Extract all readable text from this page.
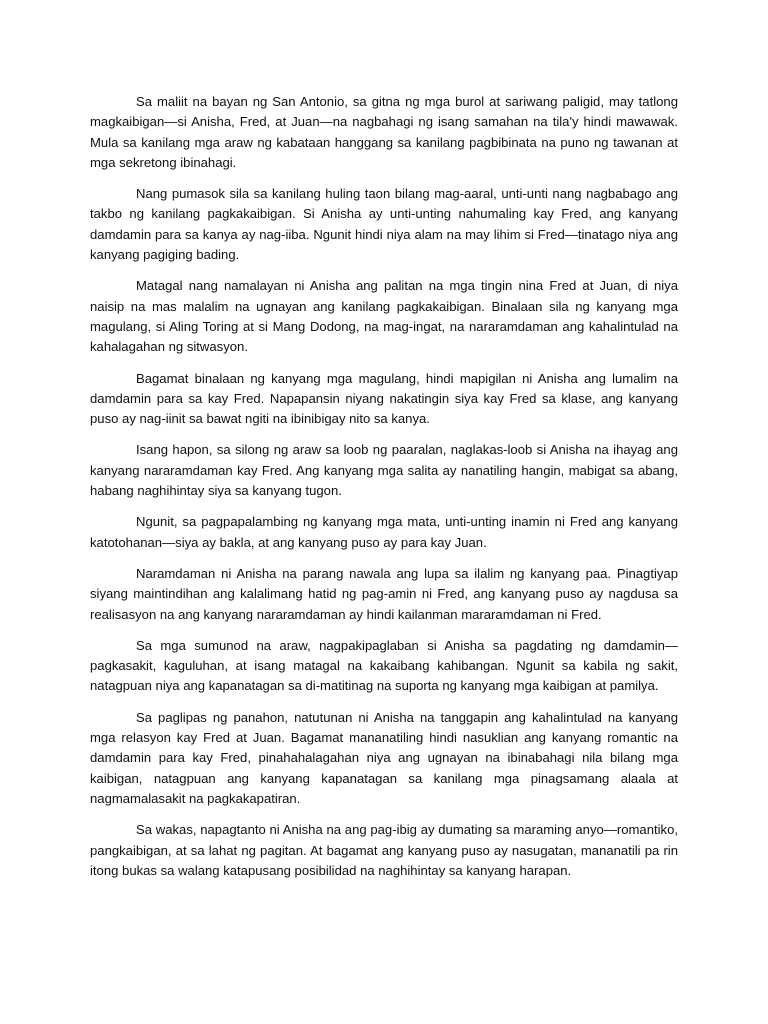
Sa maliit na bayan ng San Antonio, sa gitna ng mga burol at sariwang paligid, may tatlong magkaibigan—si Anisha, Fred, at Juan—na nagbahagi ng isang samahan na tila'y hindi mawawak. Mula sa kanilang mga araw ng kabataan hanggang sa kanilang pagbibinata na puno ng tawanan at mga sekretong ibinahagi.

Nang pumasok sila sa kanilang huling taon bilang mag-aaral, unti-unti nang nagbabago ang takbo ng kanilang pagkakaibigan. Si Anisha ay unti-unting nahumaling kay Fred, ang kanyang damdamin para sa kanya ay nag-iiba. Ngunit hindi niya alam na may lihim si Fred—tinatago niya ang kanyang pagiging bading.

Matagal nang namalayan ni Anisha ang palitan na mga tingin nina Fred at Juan, di niya naisip na mas malalim na ugnayan ang kanilang pagkakaibigan. Binalaan sila ng kanyang mga magulang, si Aling Toring at si Mang Dodong, na mag-ingat, na nararamdaman ang kahalintulad na kahalagahan ng sitwasyon.

Bagamat binalaan ng kanyang mga magulang, hindi mapigilan ni Anisha ang lumalim na damdamin para sa kay Fred. Napapansin niyang nakatingin siya kay Fred sa klase, ang kanyang puso ay nag-iinit sa bawat ngiti na ibinibigay nito sa kanya.

Isang hapon, sa silong ng araw sa loob ng paaralan, naglakas-loob si Anisha na ihayag ang kanyang nararamdaman kay Fred. Ang kanyang mga salita ay nanatiling hangin, mabigat sa abang, habang naghihintay siya sa kanyang tugon.

Ngunit, sa pagpapalambing ng kanyang mga mata, unti-unting inamin ni Fred ang kanyang katotohanan—siya ay bakla, at ang kanyang puso ay para kay Juan.

Naramdaman ni Anisha na parang nawala ang lupa sa ilalim ng kanyang paa. Pinagtiyap siyang maintindihan ang kalalimang hatid ng pag-amin ni Fred, ang kanyang puso ay nagdusa sa realisasyon na ang kanyang nararamdaman ay hindi kailanman mararamdaman ni Fred.

Sa mga sumunod na araw, nagpakipaglaban si Anisha sa pagdating ng damdamin—pagkasakit, kaguluhan, at isang matagal na kakaibang kahibangan. Ngunit sa kabila ng sakit, natagpuan niya ang kapanatagan sa di-matitinag na suporta ng kanyang mga kaibigan at pamilya.

Sa paglipas ng panahon, natutunan ni Anisha na tanggapin ang kahalintulad na kanyang mga relasyon kay Fred at Juan. Bagamat mananatiling hindi nasuklian ang kanyang romantic na damdamin para kay Fred, pinahahalagahan niya ang ugnayan na ibinabahagi nila bilang mga kaibigan, natagpuan ang kanyang kapanatagan sa kanilang mga pinagsamang alaala at nagmamalasakit na pagkakapatiran.

Sa wakas, napagtanto ni Anisha na ang pag-ibig ay dumating sa maraming anyo—romantiko, pangkaibigan, at sa lahat ng pagitan. At bagamat ang kanyang puso ay nasugatan, mananatili pa rin itong bukas sa walang katapusang posibilidad na naghihintay sa kanyang harapan.
